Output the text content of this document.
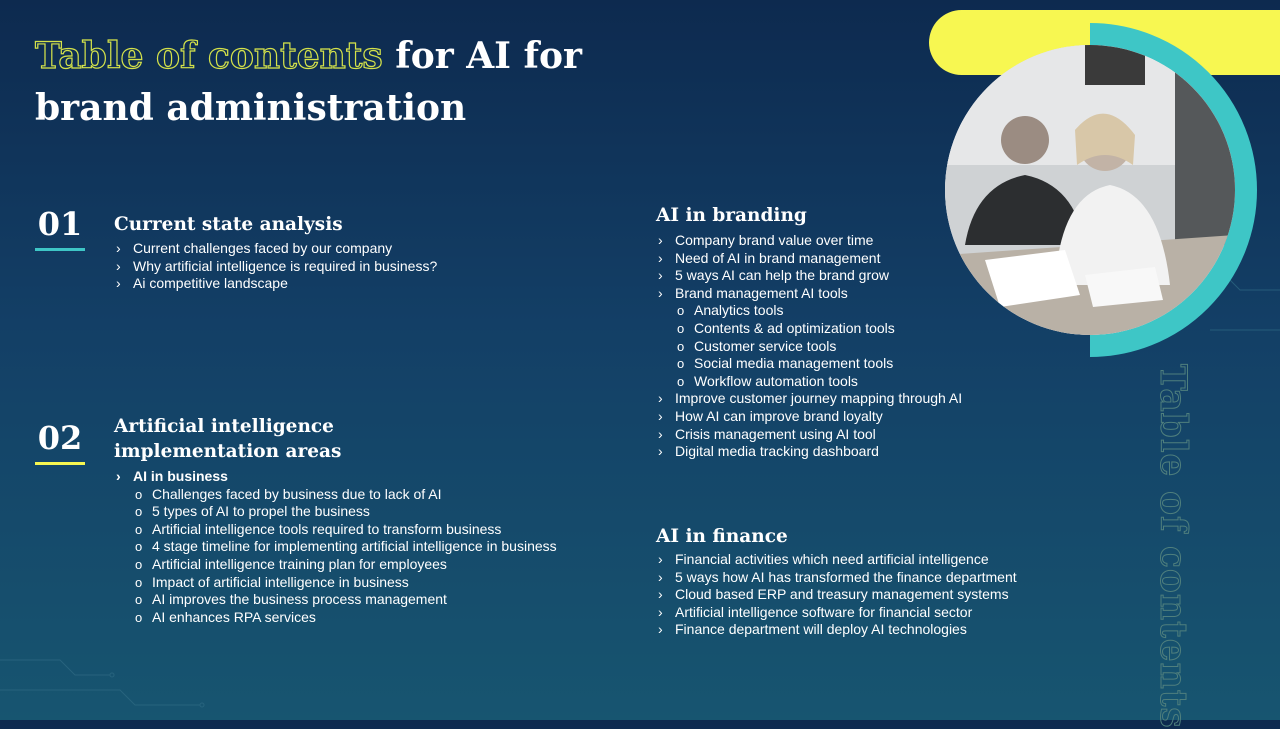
Table of contents for AI for brand administration
Table of contents
01 Current state analysis
› Current challenges faced by our company
› Why artificial intelligence is required in business?
› Ai competitive landscape
02 Artificial intelligence implementation areas
› AI in business
o Challenges faced by business due to lack of AI
o 5 types of AI to propel the business
o Artificial intelligence tools required to transform business
o 4 stage timeline for implementing artificial intelligence in business
o Artificial intelligence training plan for employees
o Impact of artificial intelligence in business
o AI improves the business process management
o AI enhances RPA services
AI in branding
› Company brand value over time
› Need of AI in brand management
› 5 ways AI can help the brand grow
› Brand management AI tools
o Analytics tools
o Contents & ad optimization tools
o Customer service tools
o Social media management tools
o Workflow automation tools
› Improve customer journey mapping through AI
› How AI can improve brand loyalty
› Crisis management using AI tool
› Digital media tracking dashboard
AI in finance
› Financial activities which need artificial intelligence
› 5 ways how AI has transformed the finance department
› Cloud based ERP and treasury management systems
› Artificial intelligence software for financial sector
› Finance department will deploy AI technologies
